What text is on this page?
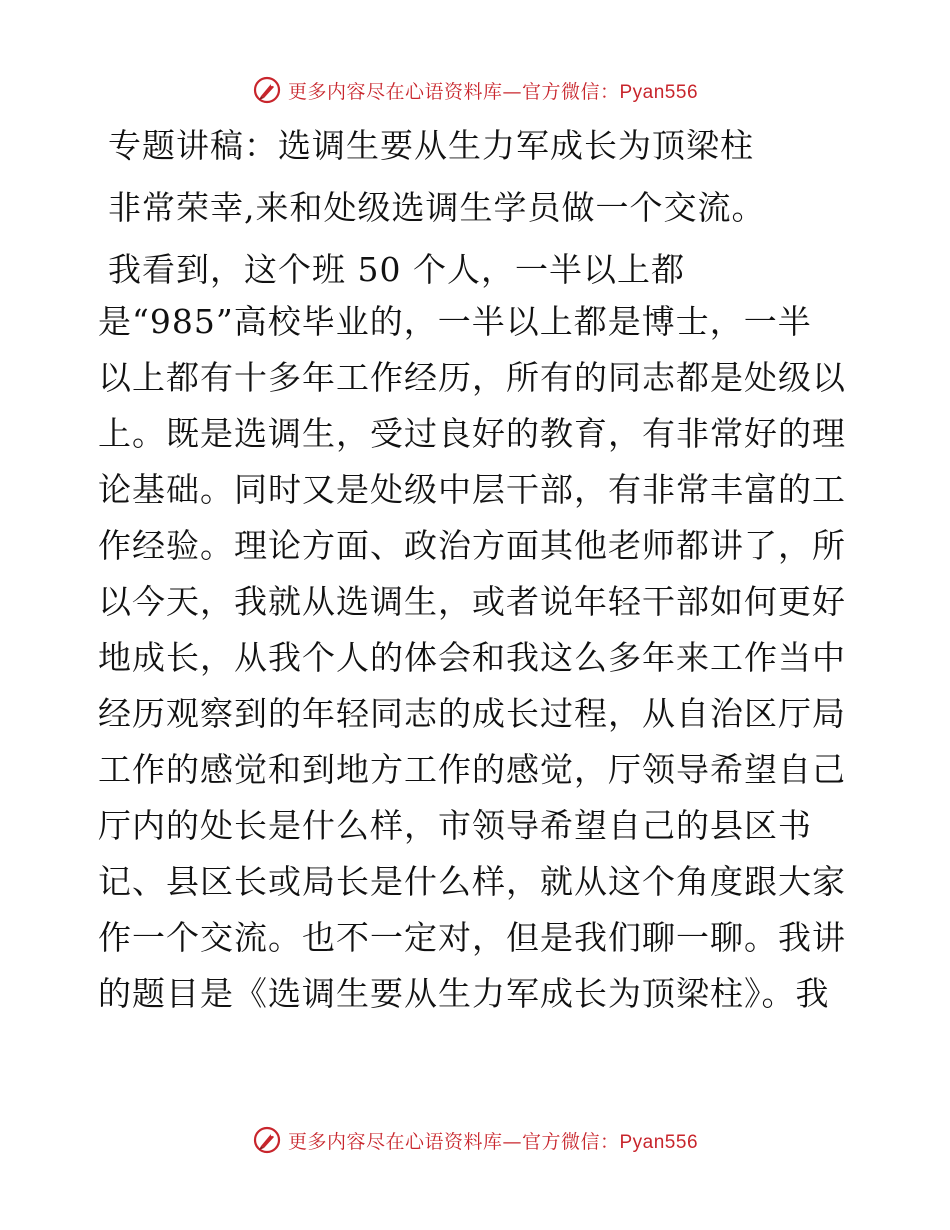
更多内容尽在心语资料库—官方微信：Pyan556
专题讲稿：选调生要从生力军成长为顶梁柱
非常荣幸,来和处级选调生学员做一个交流。
我看到，这个班 50 个人，一半以上都
是“985”高校毕业的，一半以上都是博士，一半
以上都有十多年工作经历，所有的同志都是处级以
上。既是选调生，受过良好的教育，有非常好的理
论基础。同时又是处级中层干部，有非常丰富的工
作经验。理论方面、政治方面其他老师都讲了，所
以今天，我就从选调生，或者说年轻干部如何更好
地成长，从我个人的体会和我这么多年来工作当中
经历观察到的年轻同志的成长过程，从自治区厅局
工作的感觉和到地方工作的感觉，厅领导希望自己
厅内的处长是什么样，市领导希望自己的县区书
记、县区长或局长是什么样，就从这个角度跟大家
作一个交流。也不一定对，但是我们聊一聊。我讲
的题目是《选调生要从生力军成长为顶梁柱》。我
更多内容尽在心语资料库—官方微信：Pyan556
